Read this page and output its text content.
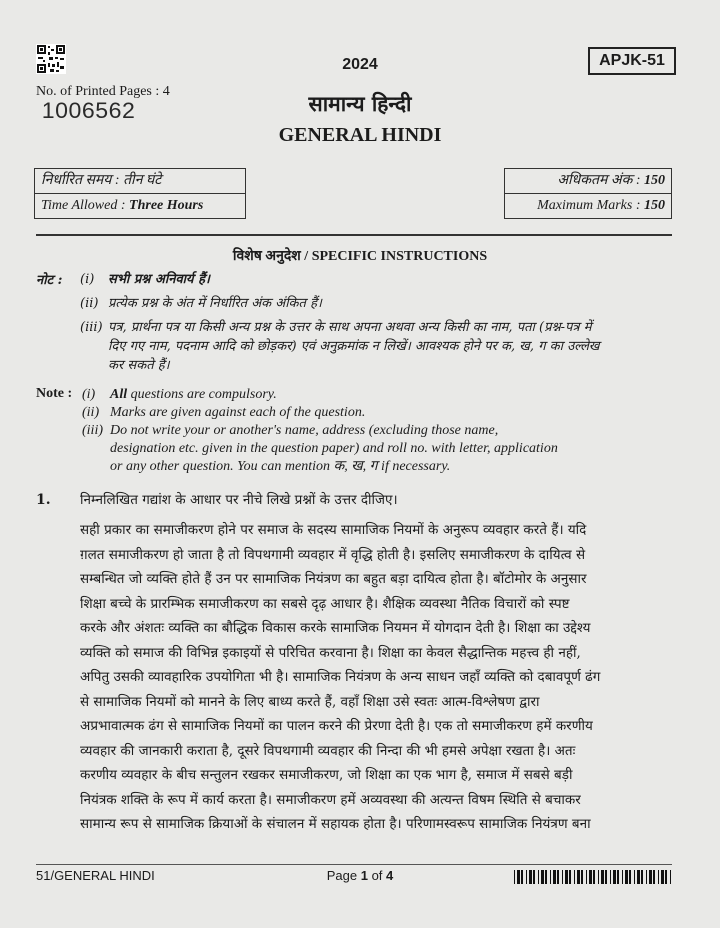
2024	APJK-51
No. of Printed Pages : 4
1006562	सामान्य हिन्दी
GENERAL HINDI
निर्धारित समय : तीन घंटे
Time Allowed : Three Hours
अधिकतम अंक : 150
Maximum Marks : 150
विशेष अनुदेश / SPECIFIC INSTRUCTIONS
नोट : (i) सभी प्रश्न अनिवार्य हैं।
(ii) प्रत्येक प्रश्न के अंत में निर्धारित अंक अंकित हैं।
(iii) पत्र, प्रार्थना पत्र या किसी अन्य प्रश्न के उत्तर के साथ अपना अथवा अन्य किसी का नाम, पता (प्रश्न-पत्र में
दिए गए नाम, पदनाम आदि को छोड़कर) एवं अनुक्रमांक न लिखें। आवश्यक होने पर क, ख, ग का उल्लेख
कर सकते हैं।
Note : (i) All questions are compulsory.
(ii) Marks are given against each of the question.
(iii) Do not write your or another's name, address (excluding those name,
designation etc. given in the question paper) and roll no. with letter, application
or any other question. You can mention क, ख, ग if necessary.
1. निम्नलिखित गद्यांश के आधार पर नीचे लिखे प्रश्नों के उत्तर दीजिए।
सही प्रकार का समाजीकरण होने पर समाज के सदस्य सामाजिक नियमों के अनुरूप व्यवहार करते हैं। यदि
ग़लत समाजीकरण हो जाता है तो विपथगामी व्यवहार में वृद्धि होती है। इसलिए समाजीकरण के दायित्व से
सम्बन्धित जो व्यक्ति होते हैं उन पर सामाजिक नियंत्रण का बहुत बड़ा दायित्व होता है। बॉटोमोर के अनुसार
शिक्षा बच्चे के प्रारम्भिक समाजीकरण का सबसे दृढ़ आधार है। शैक्षिक व्यवस्था नैतिक विचारों को स्पष्ट
करके और अंशतः व्यक्ति का बौद्धिक विकास करके सामाजिक नियमन में योगदान देती है। शिक्षा का उद्देश्य
व्यक्ति को समाज की विभिन्न इकाइयों से परिचित करवाना है। शिक्षा का केवल सैद्धान्तिक महत्त्व ही नहीं,
अपितु उसकी व्यावहारिक उपयोगिता भी है। सामाजिक नियंत्रण के अन्य साधन जहाँ व्यक्ति को दबावपूर्ण ढंग
से सामाजिक नियमों को मानने के लिए बाध्य करते हैं, वहाँ शिक्षा उसे स्वतः आत्म-विश्लेषण द्वारा
अप्रभावात्मक ढंग से सामाजिक नियमों का पालन करने की प्रेरणा देती है। एक तो समाजीकरण हमें करणीय
व्यवहार की जानकारी कराता है, दूसरे विपथगामी व्यवहार की निन्दा की भी हमसे अपेक्षा रखता है। अतः
करणीय व्यवहार के बीच सन्तुलन रखकर समाजीकरण, जो शिक्षा का एक भाग है, समाज में सबसे बड़ी
नियंत्रक शक्ति के रूप में कार्य करता है। समाजीकरण हमें अव्यवस्था की अत्यन्त विषम स्थिति से बचाकर
सामान्य रूप से सामाजिक क्रियाओं के संचालन में सहायक होता है। परिणामस्वरूप सामाजिक नियंत्रण बना
51/GENERAL HINDI	Page 1 of 4
